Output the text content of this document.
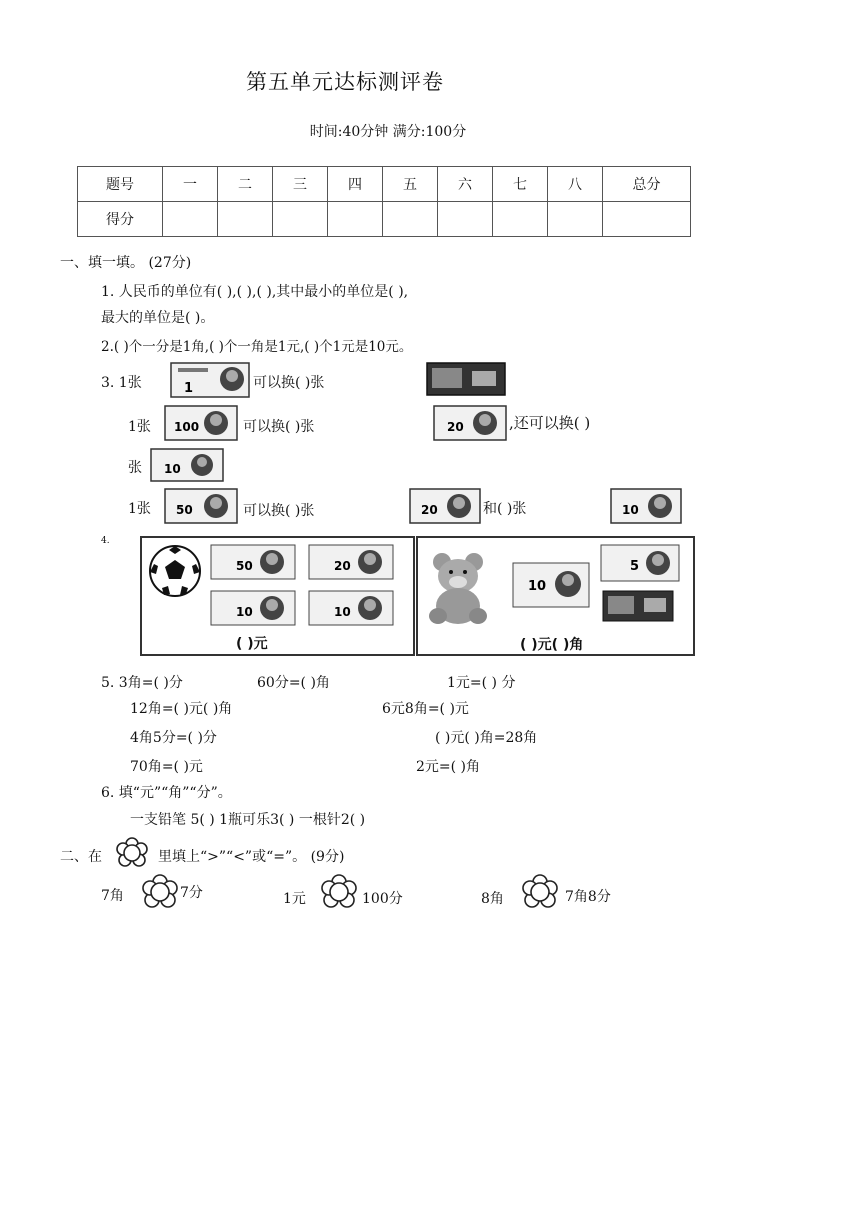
第五单元达标测评卷
时间:40分钟 满分:100分
题号	一	二	三	四	五	六	七	八	总分
得分									
一、填一填。 (27分)
1. 人民币的单位有( ),( ),( ),其中最小的单位是( ),
最大的单位是( )。
2.( )个一分是1角,( )个一角是1元,( )个1元是10元。
3. 1张	1	可以换( )张
1张 100	可以换( )张	20	,还可以换( )
张 10
1张 50	可以换( )张	20	和( )张	10
4.
50	20
10	10
( )元
10
5
( )元( )角
5. 3角=( )分	60分=( )角	1元=( ) 分
12角=( )元( )角	6元8角=( )元
4角5分=( )分	( )元( )角=28角
70角=( )元	2元=( )角
6. 填“元”“角”“分”。
一支铅笔 5( ) 1瓶可乐3( ) 一根针2( )
二、在	里填上“>”“<”或“=”。 (9分)
7角	7分	1元	100分	8角	7角8分
